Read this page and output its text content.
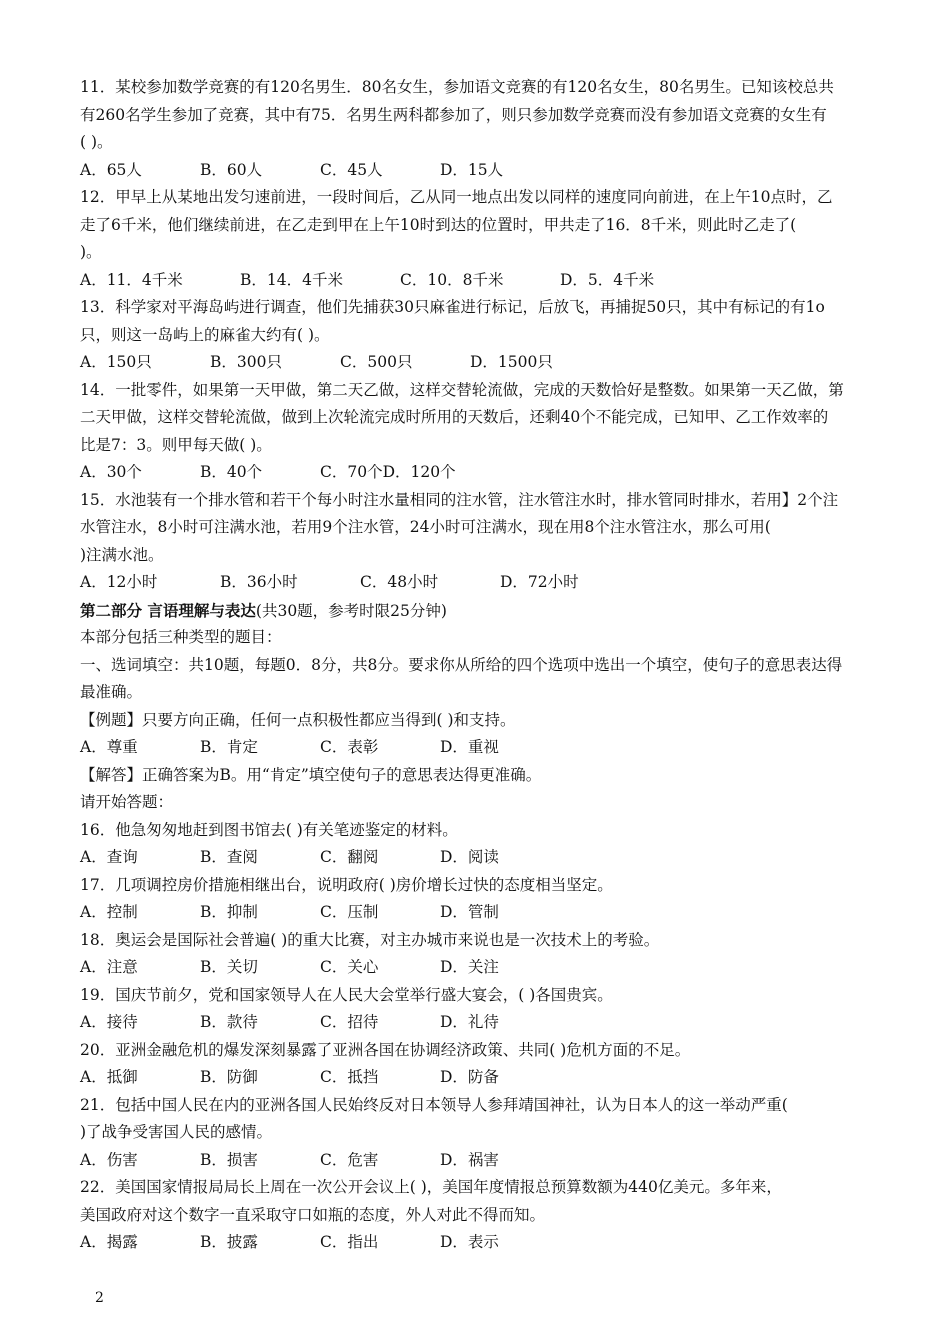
11．某校参加数学竞赛的有120名男生．80名女生，参加语文竞赛的有120名女生，80名男生。已知该校总共
有260名学生参加了竞赛，其中有75．名男生两科都参加了，则只参加数学竞赛而没有参加语文竞赛的女生有
( )。
A．65人	B．60人	C．45人	D．15人
12．甲早上从某地出发匀速前进，一段时间后，乙从同一地点出发以同样的速度同向前进，在上午10点时，乙
走了6千米，他们继续前进，在乙走到甲在上午10时到达的位置时，甲共走了16．8千米，则此时乙走了(
)。
A．11．4千米	B．14．4千米	C．10．8千米	D．5．4千米
13．科学家对平海岛屿进行调查，他们先捕获30只麻雀进行标记，后放飞，再捕捉50只，其中有标记的有1o
只，则这一岛屿上的麻雀大约有( )。
A．150只	B．300只	C．500只	D．1500只
14．一批零件，如果第一天甲做，第二天乙做，这样交替轮流做，完成的天数恰好是整数。如果第一天乙做，第
二天甲做，这样交替轮流做，做到上次轮流完成时所用的天数后，还剩40个不能完成，已知甲、乙工作效率的
比是7：3。则甲每天做( )。
A．30个	B．40个	C．70个D．120个
15．水池装有一个排水管和若干个每小时注水量相同的注水管，注水管注水时，排水管同时排水，若用】2个注
水管注水，8小时可注满水池，若用9个注水管，24小时可注满水，现在用8个注水管注水，那么可用(
)注满水池。
A．12小时	B．36小时	C．48小时	D．72小时
第二部分 言语理解与表达(共30题，参考时限25分钟)
本部分包括三种类型的题目：
一、选词填空：共10题，每题0．8分，共8分。要求你从所给的四个选项中选出一个填空，使句子的意思表达得
最准确。
【例题】只要方向正确，任何一点积极性都应当得到( )和支持。
A．尊重	B．肯定	C．表彰	D．重视
【解答】正确答案为B。用“肯定”填空使句子的意思表达得更准确。
请开始答题：
16．他急匆匆地赶到图书馆去( )有关笔迹鉴定的材料。
A．查询	B．查阅	C．翻阅	D．阅读
17．几项调控房价措施相继出台，说明政府( )房价增长过快的态度相当坚定。
A．控制	B．抑制	C．压制	D．管制
18．奥运会是国际社会普遍( )的重大比赛，对主办城市来说也是一次技术上的考验。
A．注意	B．关切	C．关心	D．关注
19．国庆节前夕，党和国家领导人在人民大会堂举行盛大宴会，( )各国贵宾。
A．接待	B．款待	C．招待	D．礼待
20．亚洲金融危机的爆发深刻暴露了亚洲各国在协调经济政策、共同( )危机方面的不足。
A．抵御	B．防御	C．抵挡	D．防备
21．包括中国人民在内的亚洲各国人民始终反对日本领导人参拜靖国神社，认为日本人的这一举动严重(
)了战争受害国人民的感情。
A．伤害	B．损害	C．危害	D．祸害
22．美国国家情报局局长上周在一次公开会议上( )，美国年度情报总预算数额为440亿美元。多年来，
美国政府对这个数字一直采取守口如瓶的态度，外人对此不得而知。
A．揭露	B．披露	C．指出	D．表示
2
